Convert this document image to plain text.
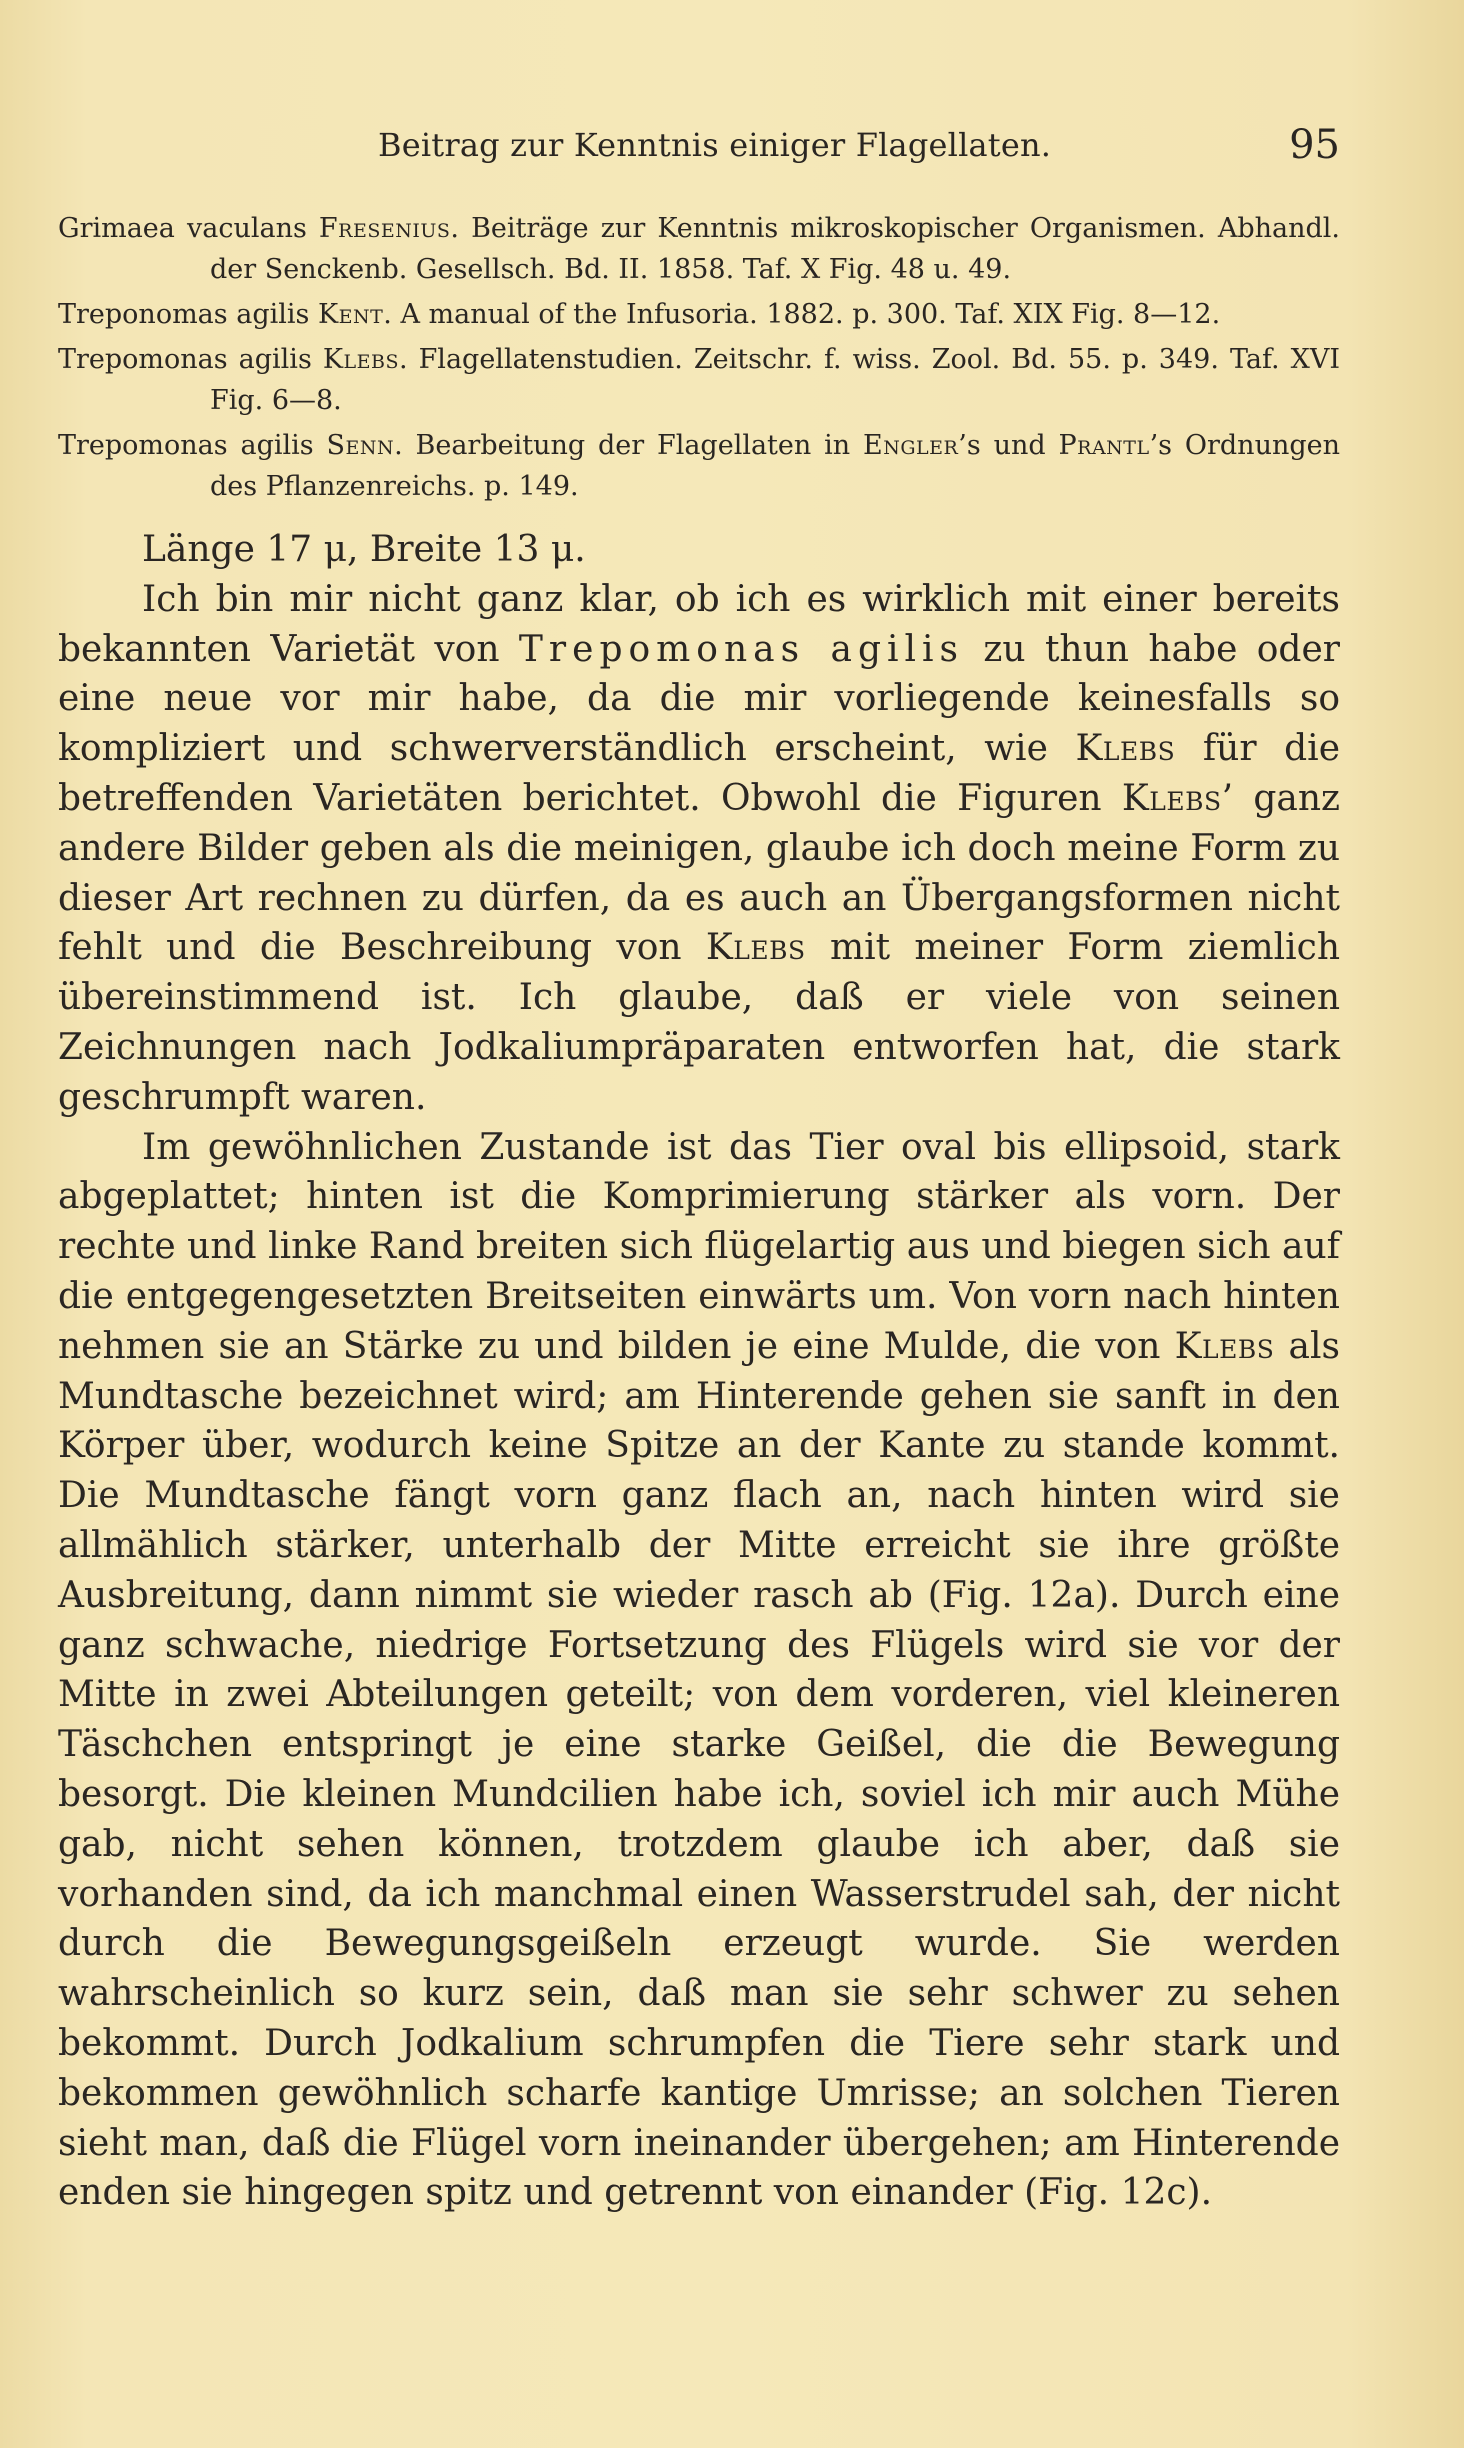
Beitrag zur Kenntnis einiger Flagellaten.	95
Grimaea vaculans Fresenius. Beiträge zur Kenntnis mikroskopischer Organismen. Abhandl. der Senckenb. Gesellsch. Bd. II. 1858. Taf. X Fig. 48 u. 49.
Treponomas agilis Kent. A manual of the Infusoria. 1882. p. 300. Taf. XIX Fig. 8—12.
Trepomonas agilis Klebs. Flagellatenstudien. Zeitschr. f. wiss. Zool. Bd. 55. p. 349. Taf. XVI Fig. 6—8.
Trepomonas agilis Senn. Bearbeitung der Flagellaten in Engler’s und Prantl’s Ordnungen des Pflanzenreichs. p. 149.

Länge 17 μ, Breite 13 μ.

Ich bin mir nicht ganz klar, ob ich es wirklich mit einer bereits bekannten Varietät von Trepomonas agilis zu thun habe oder eine neue vor mir habe, da die mir vorliegende keinesfalls so kompliziert und schwerverständlich erscheint, wie Klebs für die betreffenden Varietäten berichtet. Obwohl die Figuren Klebs’ ganz andere Bilder geben als die meinigen, glaube ich doch meine Form zu dieser Art rechnen zu dürfen, da es auch an Übergangsformen nicht fehlt und die Beschreibung von Klebs mit meiner Form ziemlich übereinstimmend ist. Ich glaube, daß er viele von seinen Zeichnungen nach Jodkaliumpräparaten entworfen hat, die stark geschrumpft waren.

Im gewöhnlichen Zustande ist das Tier oval bis ellipsoid, stark abgeplattet; hinten ist die Komprimierung stärker als vorn. Der rechte und linke Rand breiten sich flügelartig aus und biegen sich auf die entgegengesetzten Breitseiten einwärts um. Von vorn nach hinten nehmen sie an Stärke zu und bilden je eine Mulde, die von Klebs als Mundtasche bezeichnet wird; am Hinterende gehen sie sanft in den Körper über, wodurch keine Spitze an der Kante zu stande kommt. Die Mundtasche fängt vorn ganz flach an, nach hinten wird sie allmählich stärker, unterhalb der Mitte erreicht sie ihre größte Ausbreitung, dann nimmt sie wieder rasch ab (Fig. 12a). Durch eine ganz schwache, niedrige Fortsetzung des Flügels wird sie vor der Mitte in zwei Abteilungen geteilt; von dem vorderen, viel kleineren Täschchen entspringt je eine starke Geißel, die die Bewegung besorgt. Die kleinen Mundcilien habe ich, soviel ich mir auch Mühe gab, nicht sehen können, trotzdem glaube ich aber, daß sie vorhanden sind, da ich manchmal einen Wasserstrudel sah, der nicht durch die Bewegungsgeißeln erzeugt wurde. Sie werden wahrscheinlich so kurz sein, daß man sie sehr schwer zu sehen bekommt. Durch Jodkalium schrumpfen die Tiere sehr stark und bekommen gewöhnlich scharfe kantige Umrisse; an solchen Tieren sieht man, daß die Flügel vorn ineinander übergehen; am Hinterende enden sie hingegen spitz und getrennt von einander (Fig. 12c).
